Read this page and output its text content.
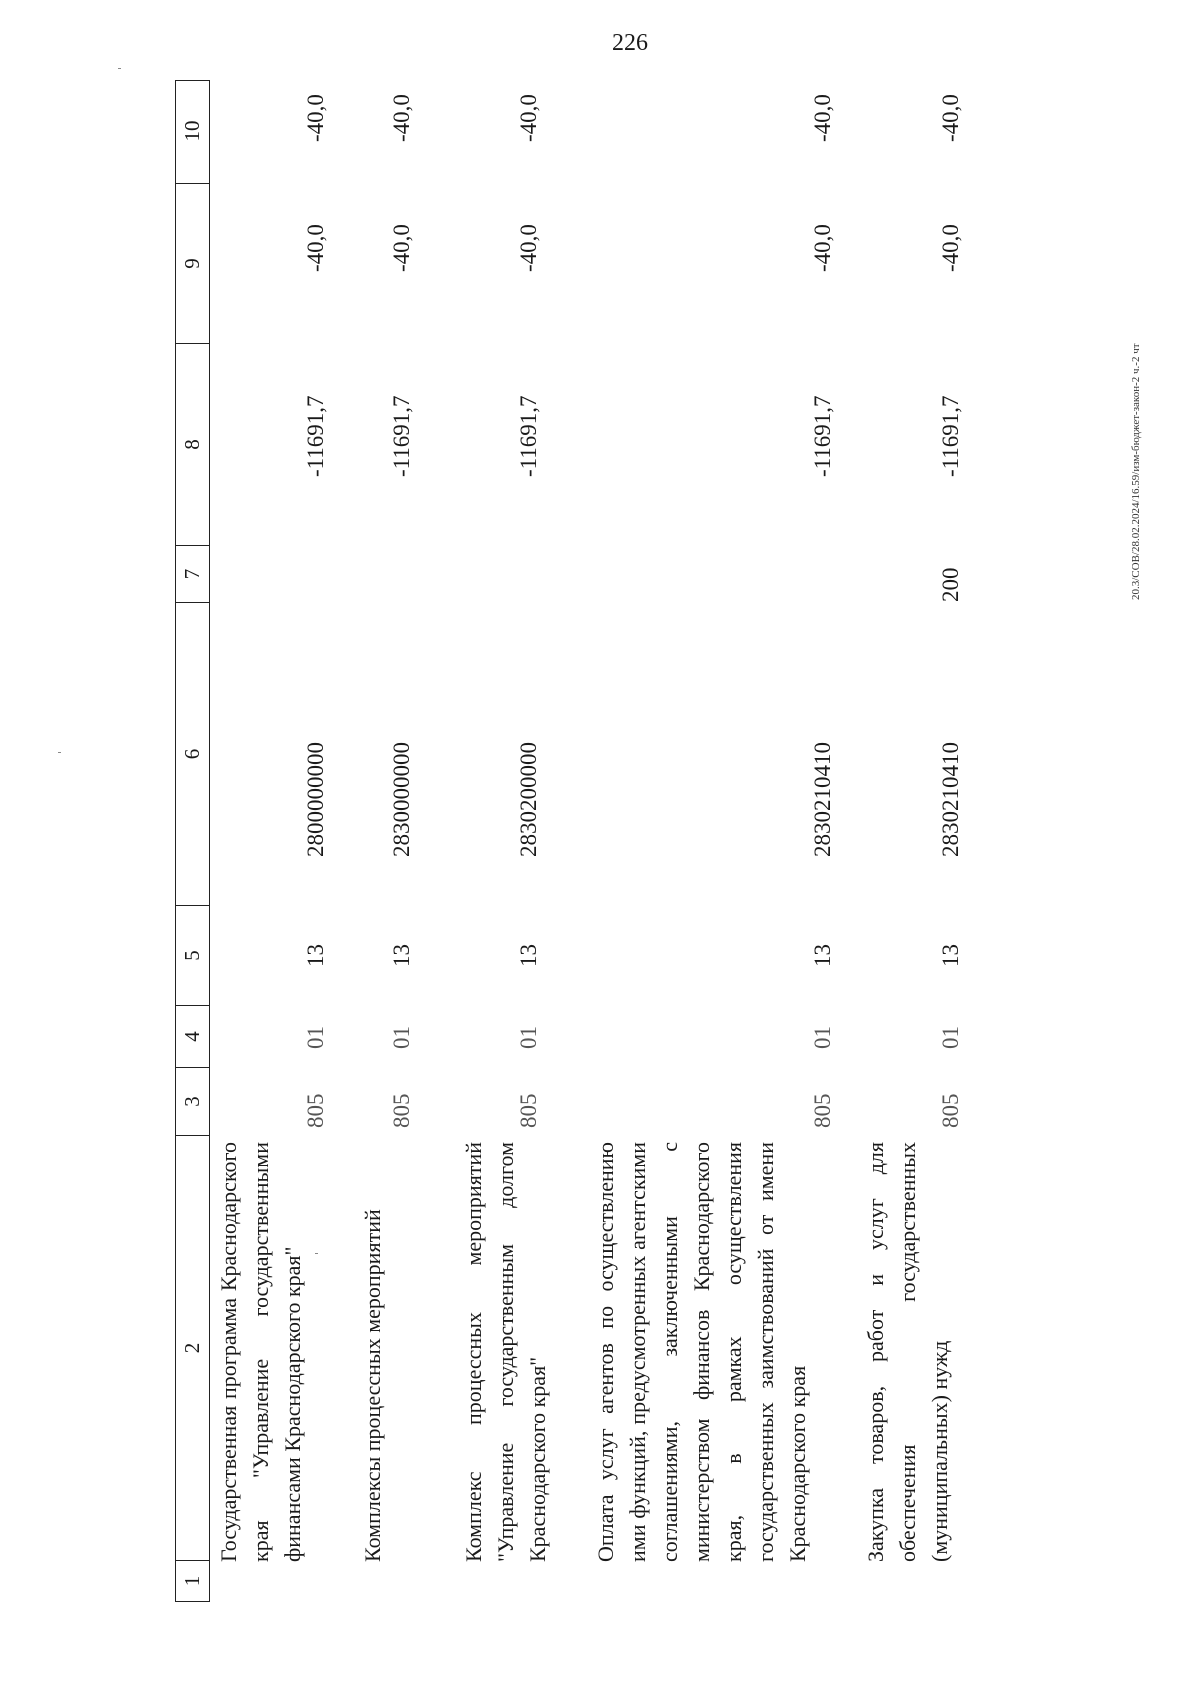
226
20.3/СОВ/28.02.2024/16.59/изм-бюджет-закон-2 ч.-2 чт
1
2
3
4
5
6
7
8
9
10
Государственная программа Краснодарского края "Управление государственными финансами Краснодарского края"
805
01
13
2800000000
-11691,7
-40,0
-40,0
Комплексы процессных мероприятий
805
01
13
2830000000
-11691,7
-40,0
-40,0
Комплекс процессных мероприятий "Управление государственным долгом Краснодарского края"
805
01
13
2830200000
-11691,7
-40,0
-40,0
Оплата услуг агентов по осуществлению ими функций, предусмотренных агентскими соглашениями, заключенными с министерством финансов Краснодарского края, в рамках осуществления государственных заимствований от имени Краснодарского края
805
01
13
2830210410
-11691,7
-40,0
-40,0
Закупка товаров, работ и услуг для обеспечения государственных (муниципальных) нужд
805
01
13
2830210410
200
-11691,7
-40,0
-40,0
